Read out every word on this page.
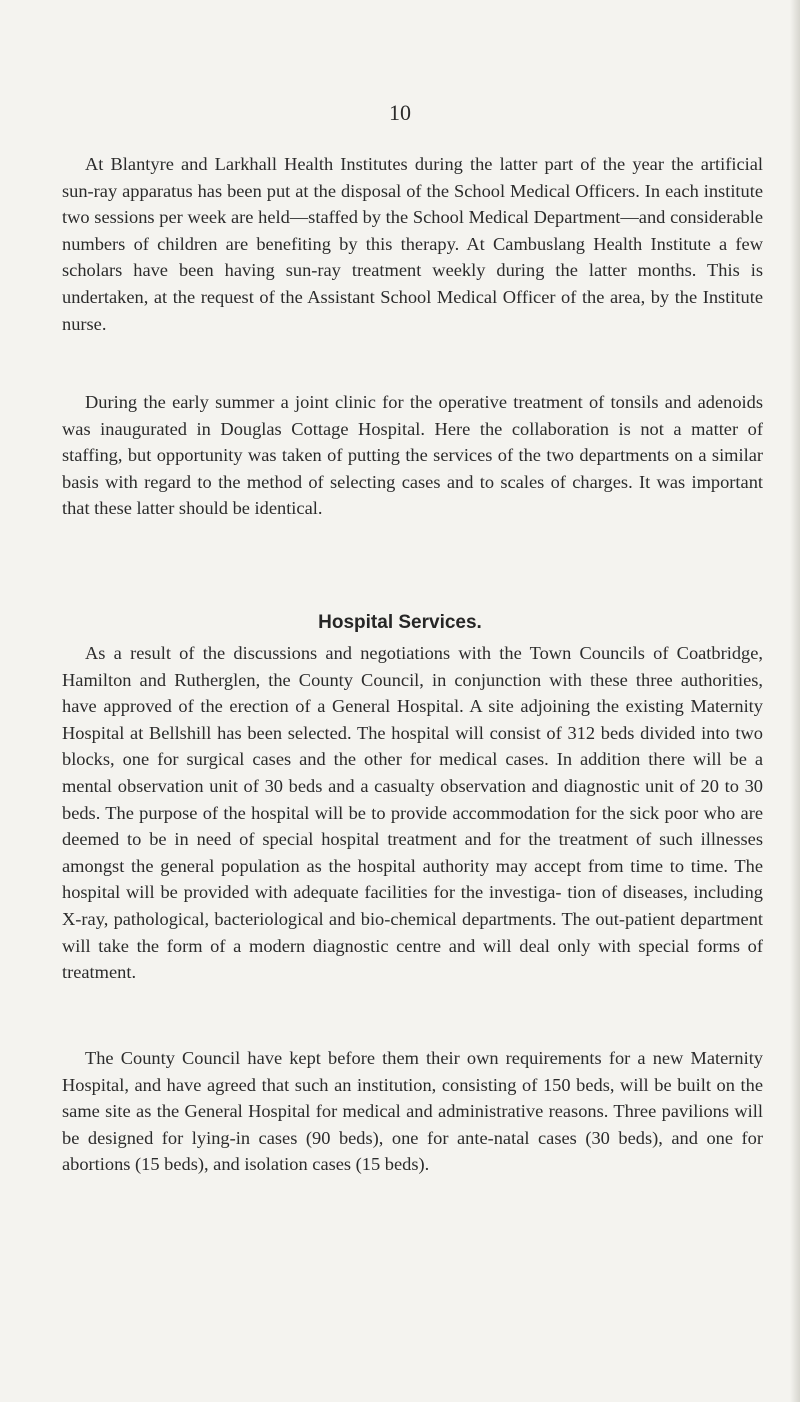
10

At Blantyre and Larkhall Health Institutes during the latter part of the year the artificial sun-ray apparatus has been put at the disposal of the School Medical Officers. In each institute two sessions per week are held—staffed by the School Medical Department—and considerable numbers of children are benefiting by this therapy. At Cambuslang Health Institute a few scholars have been having sun-ray treatment weekly during the latter months. This is undertaken, at the request of the Assistant School Medical Officer of the area, by the Institute nurse.

During the early summer a joint clinic for the operative treatment of tonsils and adenoids was inaugurated in Douglas Cottage Hospital. Here the collaboration is not a matter of staffing, but opportunity was taken of putting the services of the two departments on a similar basis with regard to the method of selecting cases and to scales of charges. It was important that these latter should be identical.

Hospital Services.

As a result of the discussions and negotiations with the Town Councils of Coatbridge, Hamilton and Rutherglen, the County Council, in conjunction with these three authorities, have approved of the erection of a General Hospital. A site adjoining the existing Maternity Hospital at Bellshill has been selected. The hospital will consist of 312 beds divided into two blocks, one for surgical cases and the other for medical cases. In addition there will be a mental observation unit of 30 beds and a casualty observation and diagnostic unit of 20 to 30 beds. The purpose of the hospital will be to provide accommodation for the sick poor who are deemed to be in need of special hospital treatment and for the treatment of such illnesses amongst the general population as the hospital authority may accept from time to time. The hospital will be provided with adequate facilities for the investiga- tion of diseases, including X-ray, pathological, bacteriological and bio-chemical departments. The out-patient department will take the form of a modern diagnostic centre and will deal only with special forms of treatment.

The County Council have kept before them their own requirements for a new Maternity Hospital, and have agreed that such an institution, consisting of 150 beds, will be built on the same site as the General Hospital for medical and administrative reasons. Three pavilions will be designed for lying-in cases (90 beds), one for ante-natal cases (30 beds), and one for abortions (15 beds), and isolation cases (15 beds).
